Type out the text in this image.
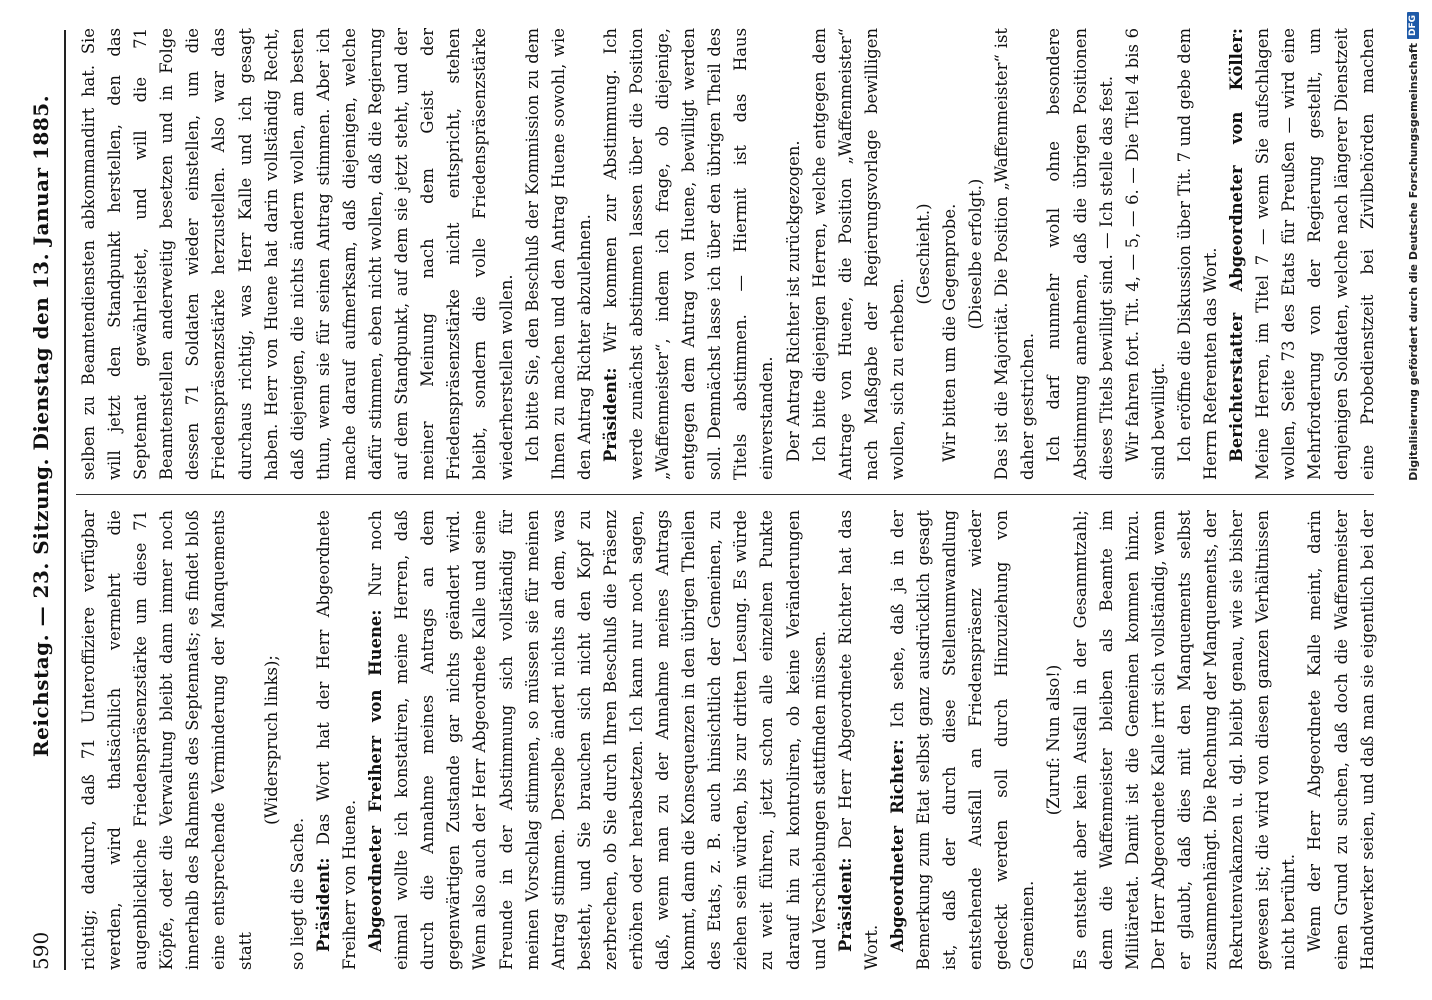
590
Reichstag. — 23. Sitzung. Dienstag den 13. Januar 1885. richtig; dadurch, daß 71 Unteroffiziere verfügbar werden, wird thatsächlich vermehrt die augenblickliche Friedenspräsenzstärke um diese 71 Köpfe, oder die Verwaltung bleibt dann immer noch innerhalb des Rahmens des Septennats; es findet bloß eine entsprechende Verminderung der Manquements statt

(Widerspruch links);

so liegt die Sache. Präsident: Das Wort hat der Herr Abgeordnete Freiherr von Huene. Abgeordneter Freiherr von Huene: Nur noch einmal wollte ich konstatiren, meine Herren, daß durch die Annahme meines Antrags an dem gegenwärtigen Zustande gar nichts geändert wird. Wenn also auch der Herr Abgeordnete Kalle und seine Freunde in der Abstimmung sich vollständig für meinen Vorschlag stimmen, so müssen sie für meinen Antrag stimmen. Derselbe ändert nichts an dem, was besteht, und Sie brauchen sich nicht den Kopf zu zerbrechen, ob Sie durch Ihren Beschluß die Präsenz erhöhen oder herabsetzen. Ich kann nur noch sagen, daß, wenn man zu der Annahme meines Antrags kommt, dann die Konsequenzen in den übrigen Theilen des Etats, z. B. auch hinsichtlich der Gemeinen, zu ziehen sein würden, bis zur dritten Lesung. Es würde zu weit führen, jetzt schon alle einzelnen Punkte darauf hin zu kontroliren, ob keine Veränderungen und Verschiebungen stattfinden müssen. Präsident: Der Herr Abgeordnete Richter hat das Wort. Abgeordneter Richter: Ich sehe, daß ja in der Bemerkung zum Etat selbst ganz ausdrücklich gesagt ist, daß der durch diese Stellenumwandlung entstehende Ausfall an Friedenspräsenz wieder gedeckt werden soll durch Hinzuziehung von Gemeinen.

(Zuruf: Nun also!) Es entsteht aber kein Ausfall in der Gesammtzahl; denn die Waffenmeister bleiben als Beamte im Militäretat. Damit ist die Gemeinen kommen hinzu. Der Herr Abgeordnete Kalle irrt sich vollständig, wenn er glaubt, daß dies mit den Manquements selbst zusammenhängt. Die Rechnung der Manquements, der Rekrutenvakanzen u. dgl. bleibt genau, wie sie bisher gewesen ist; die wird von diesen ganzen Verhältnissen nicht berührt. Wenn der Herr Abgeordnete Kalle meint, darin einen Grund zu suchen, daß doch die Waffenmeister Handwerker seien, und daß man sie eigentlich bei der

selben zu Beamtendiensten abkommandirt hat. Sie will jetzt den Standpunkt herstellen, den das Septennat gewährleistet, und will die 71 Beamtenstellen anderweitig besetzen und in Folge dessen 71 Soldaten wieder einstellen, um die Friedenspräsenzstärke herzustellen. Also war das durchaus richtig, was Herr Kalle und ich gesagt haben. Herr von Huene hat darin vollständig Recht, daß diejenigen, die nichts ändern wollen, am besten thun, wenn sie für seinen Antrag stimmen. Aber ich mache darauf aufmerksam, daß diejenigen, welche dafür stimmen, eben nicht wollen, daß die Regierung auf dem Standpunkt, auf dem sie jetzt steht, und der meiner Meinung nach dem Geist der Friedenspräsenzstärke nicht entspricht, stehen bleibt, sondern die volle Friedenspräsenzstärke wiederherstellen wollen. Ich bitte Sie, den Beschluß der Kommission zu dem Ihnen zu machen und den Antrag Huene sowohl, wie den Antrag Richter abzulehnen. Präsident: Wir kommen zur Abstimmung. Ich werde zunächst abstimmen lassen über die Position „Waffenmeister“, indem ich frage, ob diejenige, entgegen dem Antrag von Huene, bewilligt werden soll. Demnächst lasse ich über den übrigen Theil des Titels abstimmen. — Hiermit ist das Haus einverstanden. Der Antrag Richter ist zurückgezogen. Ich bitte diejenigen Herren, welche entgegen dem Antrage von Huene, die Position „Waffenmeister“ nach Maßgabe der Regierungsvorlage bewilligen wollen, sich zu erheben.

(Geschieht.) Wir bitten um die Gegenprobe. (Dieselbe erfolgt.) Das ist die Majorität. Die Position „Waffenmeister“ ist daher gestrichen. Ich darf nunmehr wohl ohne besondere Abstimmung annehmen, daß die übrigen Positionen dieses Titels bewilligt sind. — Ich stelle das fest. Wir fahren fort. Tit. 4, — 5, — 6. — Die Titel 4 bis 6 sind bewilligt. Ich eröffne die Diskussion über Tit. 7 und gebe dem Herrn Referenten das Wort. Berichterstatter Abgeordneter von Köller: Meine Herren, im Titel 7 — wenn Sie aufschlagen wollen, Seite 73 des Etats für Preußen — wird eine Mehrforderung von der Regierung gestellt, um denjenigen Soldaten, welche nach längerer Dienstzeit eine Probedienstzeit bei Zivilbehörden machen	Digitalisierung gefördert durch die Deutsche Forschungsgemeinschaft
DFG
